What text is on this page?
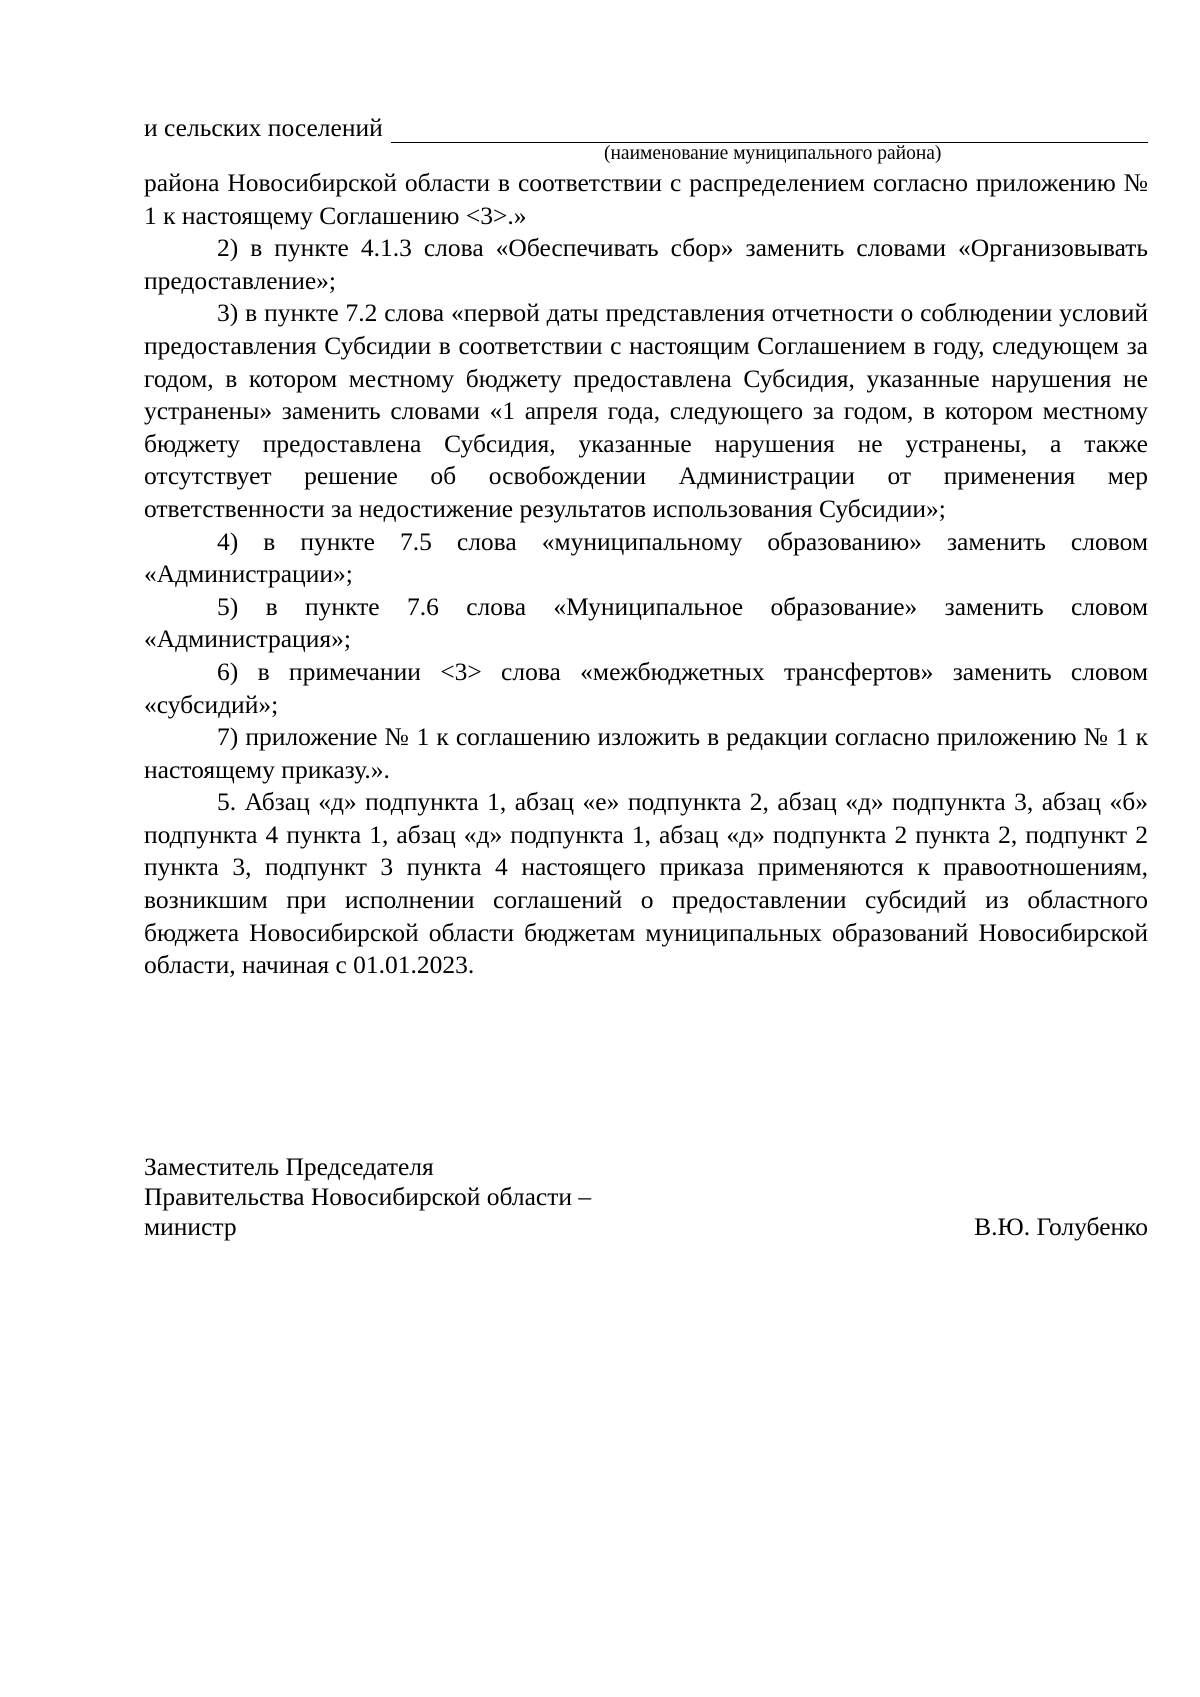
и сельских поселений
(наименование муниципального района)

района Новосибирской области в соответствии с распределением согласно приложению № 1 к настоящему Соглашению <3>.»

2) в пункте 4.1.3 слова «Обеспечивать сбор» заменить словами «Организовывать предоставление»;

3) в пункте 7.2 слова «первой даты представления отчетности о соблюдении условий предоставления Субсидии в соответствии с настоящим Соглашением в году, следующем за годом, в котором местному бюджету предоставлена Субсидия, указанные нарушения не устранены» заменить словами «1 апреля года, следующего за годом, в котором местному бюджету предоставлена Субсидия, указанные нарушения не устранены, а также отсутствует решение об освобождении Администрации от применения мер ответственности за недостижение результатов использования Субсидии»;

4) в пункте 7.5 слова «муниципальному образованию» заменить словом «Администрации»;

5) в пункте 7.6 слова «Муниципальное образование» заменить словом «Администрация»;

6) в примечании <3> слова «межбюджетных трансфертов» заменить словом «субсидий»;

7) приложение № 1 к соглашению изложить в редакции согласно приложению № 1 к настоящему приказу.».

5. Абзац «д» подпункта 1, абзац «е» подпункта 2, абзац «д» подпункта 3, абзац «б» подпункта 4 пункта 1, абзац «д» подпункта 1, абзац «д» подпункта 2 пункта 2, подпункт 2 пункта 3, подпункт 3 пункта 4 настоящего приказа применяются к правоотношениям, возникшим при исполнении соглашений о предоставлении субсидий из областного бюджета Новосибирской области бюджетам муниципальных образований Новосибирской области, начиная с 01.01.2023.

Заместитель Председателя
Правительства Новосибирской области –
министр	В.Ю. Голубенко
